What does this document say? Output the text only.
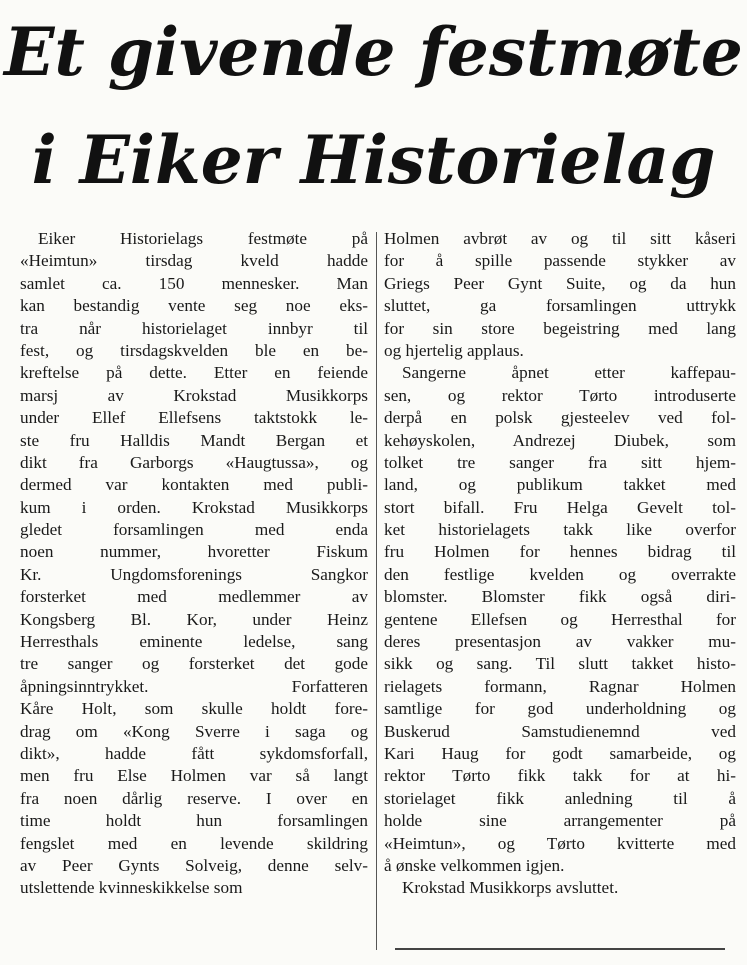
Et givende festmøte
i Eiker Historielag
Eiker Historielags festmøte på
«Heimtun» tirsdag kveld hadde
samlet ca. 150 mennesker. Man
kan bestandig vente seg noe eks-
tra når historielaget innbyr til
fest, og tirsdagskvelden ble en be-
kreftelse på dette. Etter en feiende
marsj av Krokstad Musikkorps
under Ellef Ellefsens taktstokk le-
ste fru Halldis Mandt Bergan et
dikt fra Garborgs «Haugtussa», og
dermed var kontakten med publi-
kum i orden. Krokstad Musikkorps
gledet forsamlingen med enda
noen nummer, hvoretter Fiskum
Kr. Ungdomsforenings Sangkor
forsterket med medlemmer av
Kongsberg Bl. Kor, under Heinz
Herresthals eminente ledelse, sang
tre sanger og forsterket det gode
åpningsinntrykket. Forfatteren
Kåre Holt, som skulle holdt fore-
drag om «Kong Sverre i saga og
dikt», hadde fått sykdomsforfall,
men fru Else Holmen var så langt
fra noen dårlig reserve. I over en
time holdt hun forsamlingen
fengslet med en levende skildring
av Peer Gynts Solveig, denne selv-
utslettende kvinneskikkelse som
Holmen avbrøt av og til sitt kåseri
for å spille passende stykker av
Griegs Peer Gynt Suite, og da hun
sluttet, ga forsamlingen uttrykk
for sin store begeistring med lang
og hjertelig applaus.
Sangerne åpnet etter kaffepau-
sen, og rektor Tørto introduserte
derpå en polsk gjesteelev ved fol-
kehøyskolen, Andrezej Diubek, som
tolket tre sanger fra sitt hjem-
land, og publikum takket med
stort bifall. Fru Helga Gevelt tol-
ket historielagets takk like overfor
fru Holmen for hennes bidrag til
den festlige kvelden og overrakte
blomster. Blomster fikk også diri-
gentene Ellefsen og Herresthal for
deres presentasjon av vakker mu-
sikk og sang. Til slutt takket histo-
rielagets formann, Ragnar Holmen
samtlige for god underholdning og
Buskerud Samstudienemnd ved
Kari Haug for godt samarbeide, og
rektor Tørto fikk takk for at hi-
storielaget fikk anledning til å
holde sine arrangementer på
«Heimtun», og Tørto kvitterte med
å ønske velkommen igjen.
Krokstad Musikkorps avsluttet.
